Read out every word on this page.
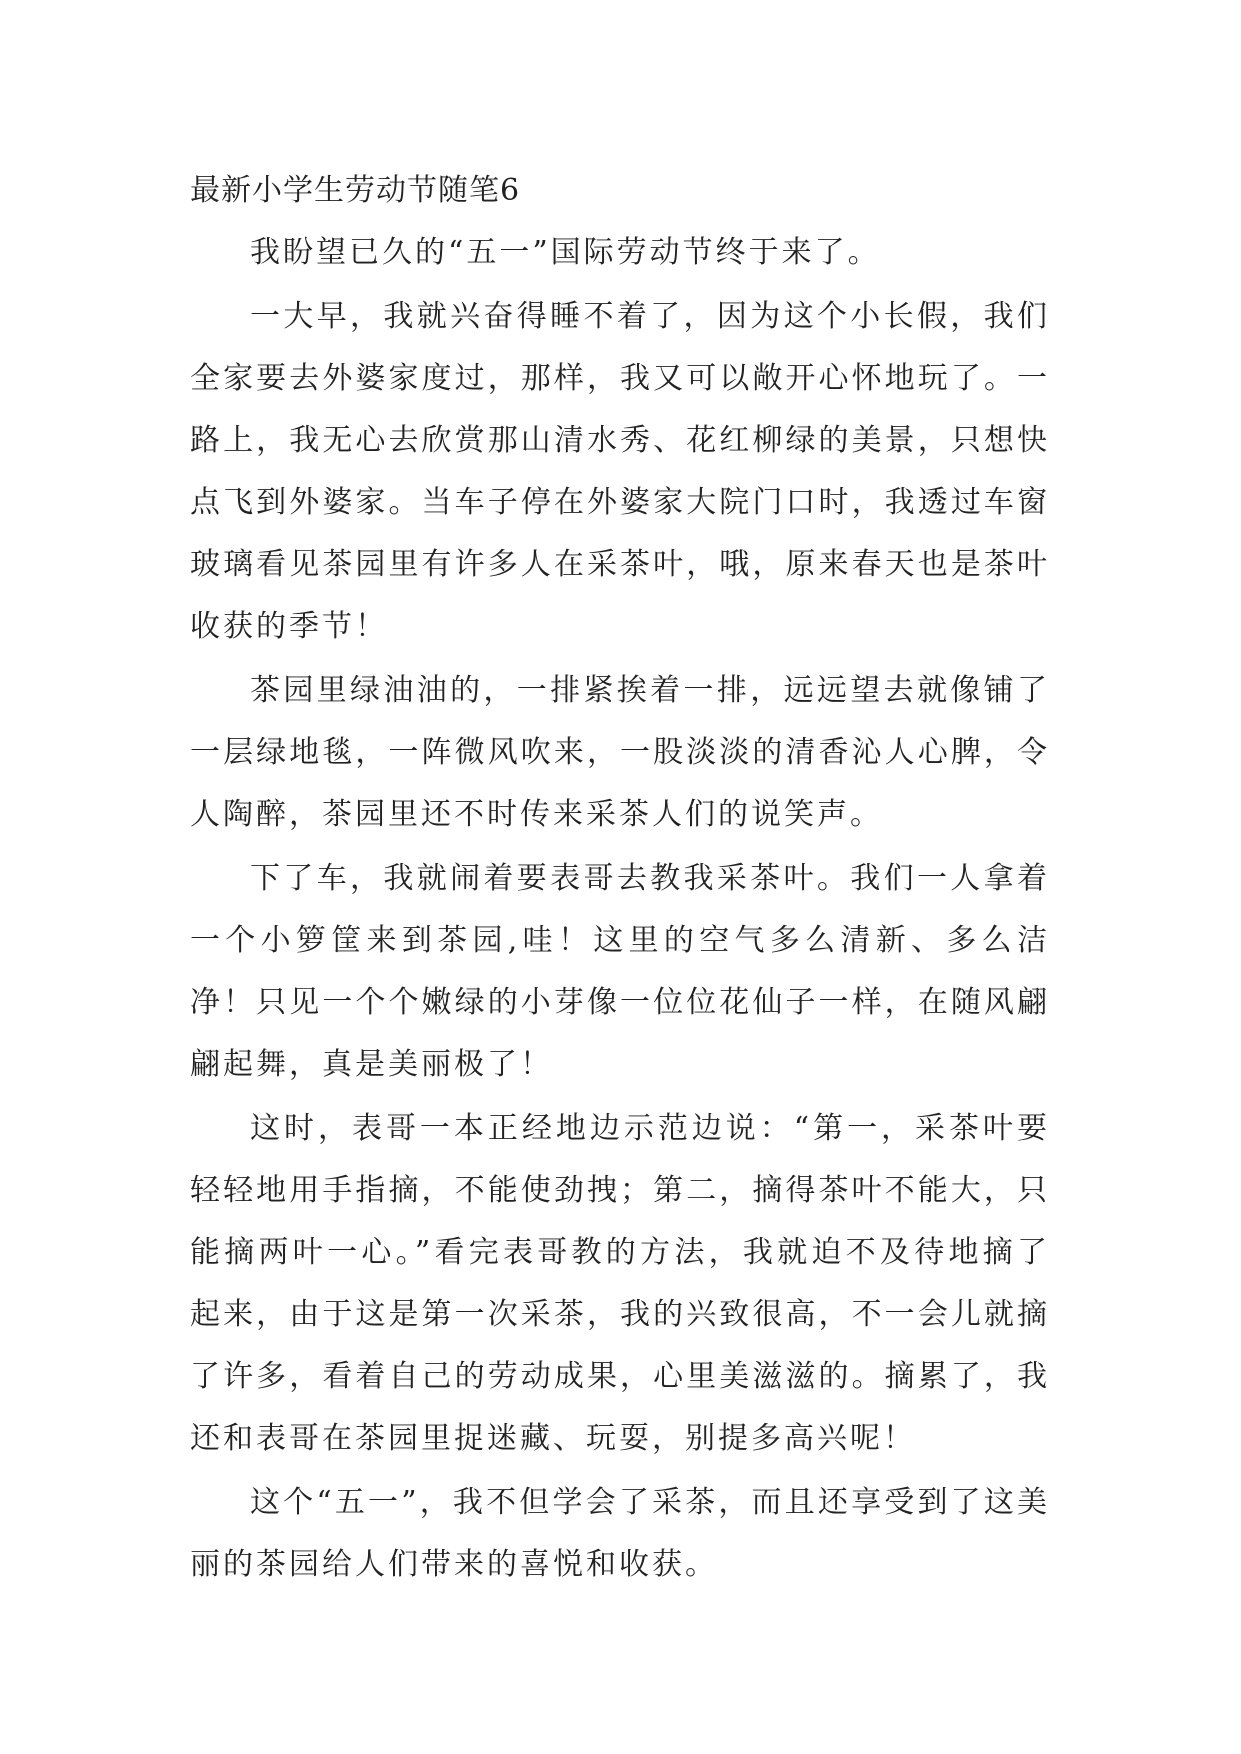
最新小学生劳动节随笔6

我盼望已久的“五一”国际劳动节终于来了。

一大早，我就兴奋得睡不着了，因为这个小长假，我们全家要去外婆家度过，那样，我又可以敞开心怀地玩了。一路上，我无心去欣赏那山清水秀、花红柳绿的美景，只想快点飞到外婆家。当车子停在外婆家大院门口时，我透过车窗玻璃看见茶园里有许多人在采茶叶，哦，原来春天也是茶叶收获的季节！

茶园里绿油油的，一排紧挨着一排，远远望去就像铺了一层绿地毯，一阵微风吹来，一股淡淡的清香沁人心脾，令人陶醉，茶园里还不时传来采茶人们的说笑声。

下了车，我就闹着要表哥去教我采茶叶。我们一人拿着一个小箩筐来到茶园,哇！这里的空气多么清新、多么洁净！只见一个个嫩绿的小芽像一位位花仙子一样，在随风翩翩起舞，真是美丽极了！

这时，表哥一本正经地边示范边说：“第一，采茶叶要轻轻地用手指摘，不能使劲拽；第二，摘得茶叶不能大，只能摘两叶一心。”看完表哥教的方法，我就迫不及待地摘了起来，由于这是第一次采茶，我的兴致很高，不一会儿就摘了许多，看着自己的劳动成果，心里美滋滋的。摘累了，我还和表哥在茶园里捉迷藏、玩耍，别提多高兴呢！

这个“五一”，我不但学会了采茶，而且还享受到了这美丽的茶园给人们带来的喜悦和收获。
